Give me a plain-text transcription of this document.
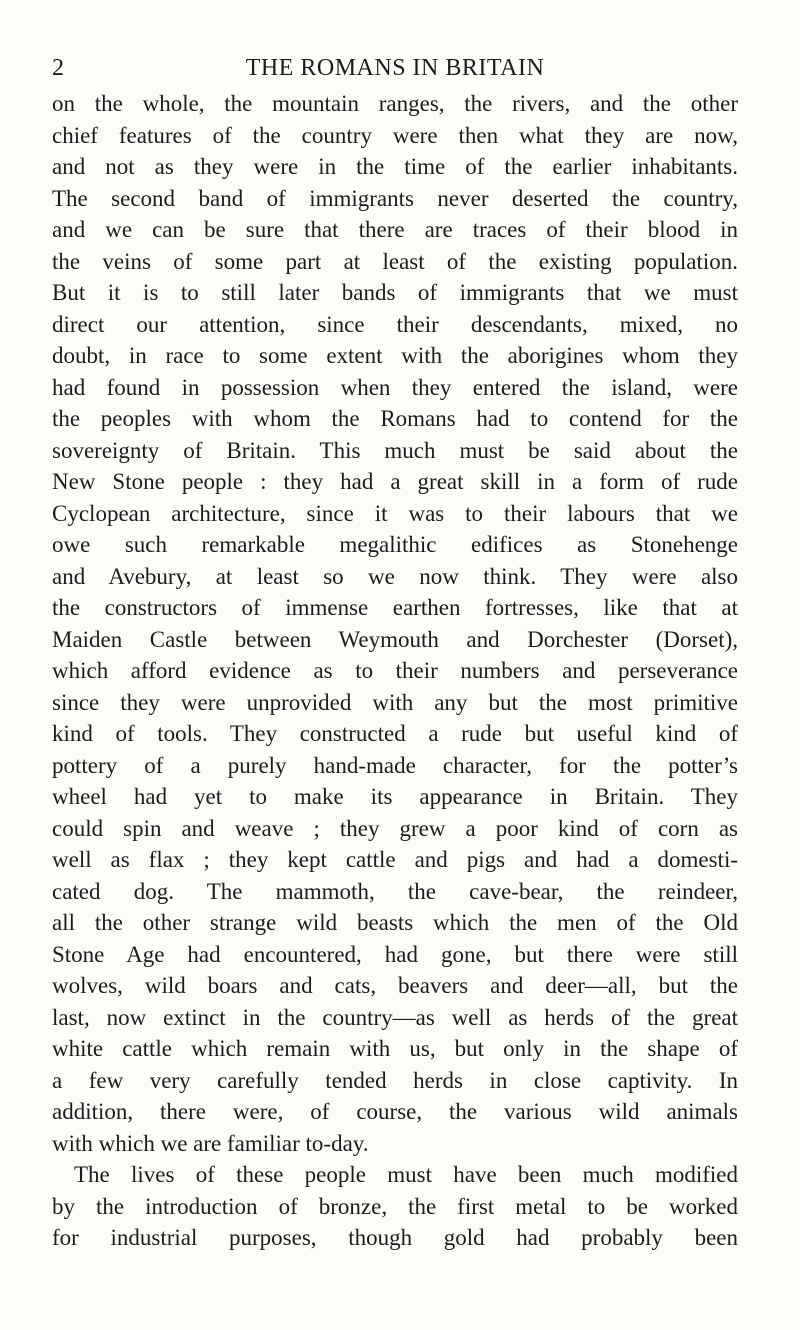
2	THE ROMANS IN BRITAIN
on the whole, the mountain ranges, the rivers, and the other
chief features of the country were then what they are now,
and not as they were in the time of the earlier inhabitants.
The second band of immigrants never deserted the country,
and we can be sure that there are traces of their blood in
the veins of some part at least of the existing population.
But it is to still later bands of immigrants that we must
direct our attention, since their descendants, mixed, no
doubt, in race to some extent with the aborigines whom they
had found in possession when they entered the island, were
the peoples with whom the Romans had to contend for the
sovereignty of Britain. This much must be said about the
New Stone people : they had a great skill in a form of rude
Cyclopean architecture, since it was to their labours that we
owe such remarkable megalithic edifices as Stonehenge
and Avebury, at least so we now think. They were also
the constructors of immense earthen fortresses, like that at
Maiden Castle between Weymouth and Dorchester (Dorset),
which afford evidence as to their numbers and perseverance
since they were unprovided with any but the most primitive
kind of tools. They constructed a rude but useful kind of
pottery of a purely hand-made character, for the potter’s
wheel had yet to make its appearance in Britain. They
could spin and weave ; they grew a poor kind of corn as
well as flax ; they kept cattle and pigs and had a domesti-
cated dog. The mammoth, the cave-bear, the reindeer,
all the other strange wild beasts which the men of the Old
Stone Age had encountered, had gone, but there were still
wolves, wild boars and cats, beavers and deer—all, but the
last, now extinct in the country—as well as herds of the great
white cattle which remain with us, but only in the shape of
a few very carefully tended herds in close captivity. In
addition, there were, of course, the various wild animals
with which we are familiar to-day.
The lives of these people must have been much modified
by the introduction of bronze, the first metal to be worked
for industrial purposes, though gold had probably been
